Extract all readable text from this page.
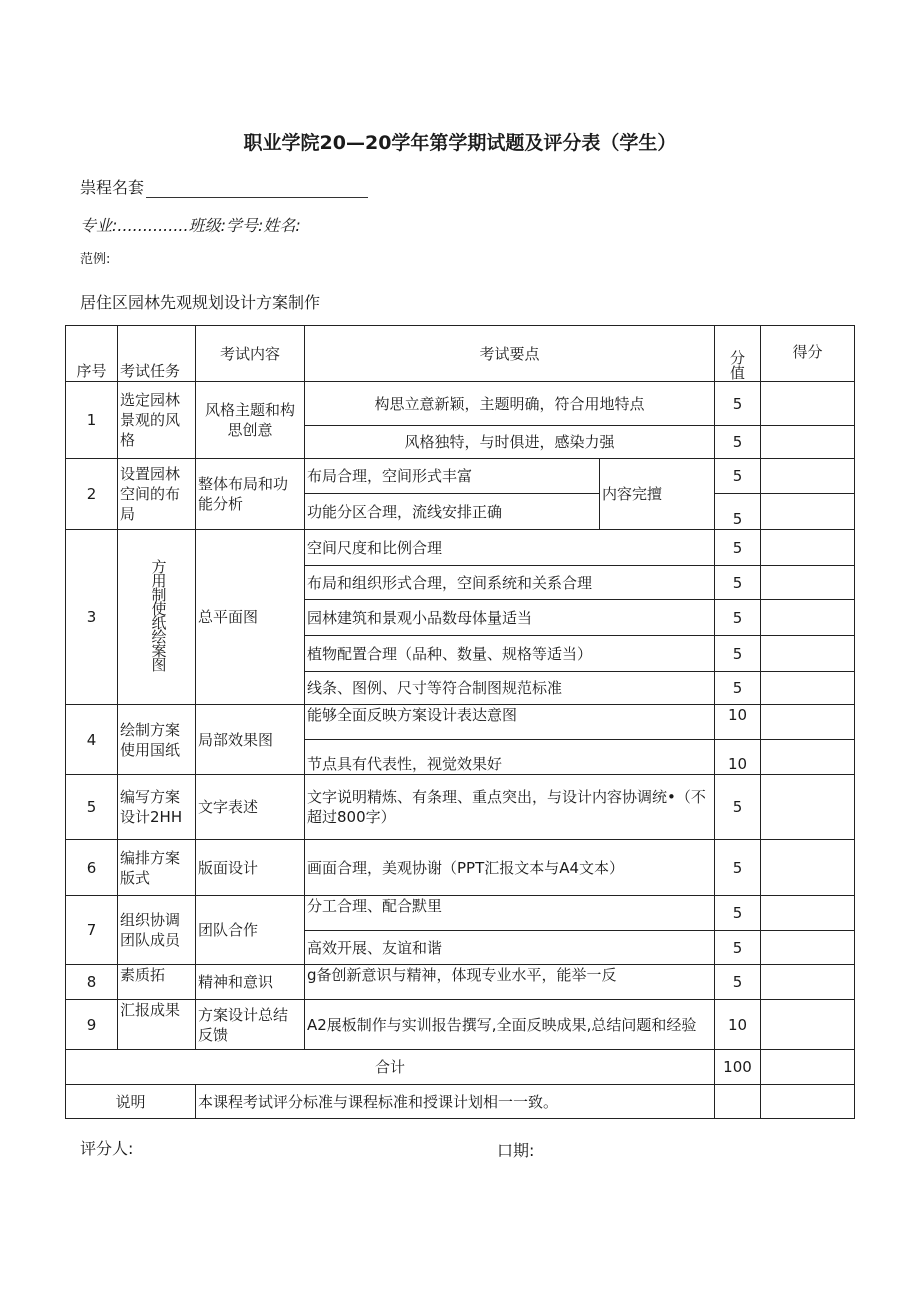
职业学院20—20学年第学期试题及评分表（学生）
祟程名套
专业:..............班级:学号:姓名:
范例:
居住区园林先观规划设计方案制作
序号	考试任务	考试内容	考试要点		分值	得分
1	选定园林景观的风格	风格主题和构思创意	构思立意新颖，主题明确，符合用地特点		5	
			风格独特，与时俱进，感染力强		5	
2	设置园林空间的布局	整体布局和功能分析	布局合理，空间形式丰富	内容完擅	5	
			功能分区合理，流线安排正确		5	
3	方用制使纸绘案图	总平面图	空间尺度和比例合理		5	
			布局和组织形式合理，空间系统和关系合理		5	
			园林建筑和景观小品数母体量适当		5	
			植物配置合理（品种、数量、规格等适当）		5	
			线条、图例、尺寸等符合制图规范标准		5	
4	绘制方案使用国纸	局部效果图	能够全面反映方案设计表达意图		10	
			节点具有代表性，视觉效果好		10	
5	编写方案设计2HH	文字表述	文字说明精炼、有条理、重点突出，与设计内容协调统•（不超过800字）		5	
6	编排方案版式	版面设计	画面合理，美观协谢（PPT汇报文本与A4文本）		5	
7	组织协调团队成员	团队合作	分工合理、配合默里		5	
			高效开展、友谊和谐		5	
8	素质拓	精神和意识	g备创新意识与精神，体现专业水平，能举一反		5	
9	汇报成果	方案设计总结反馈	A2展板制作与实训报告撰写,全面反映成果,总结问题和经验		10	
合计					100	
说明		本课程考试评分标准与课程标准和授课计划相一一致。				
评分人:	口期:
